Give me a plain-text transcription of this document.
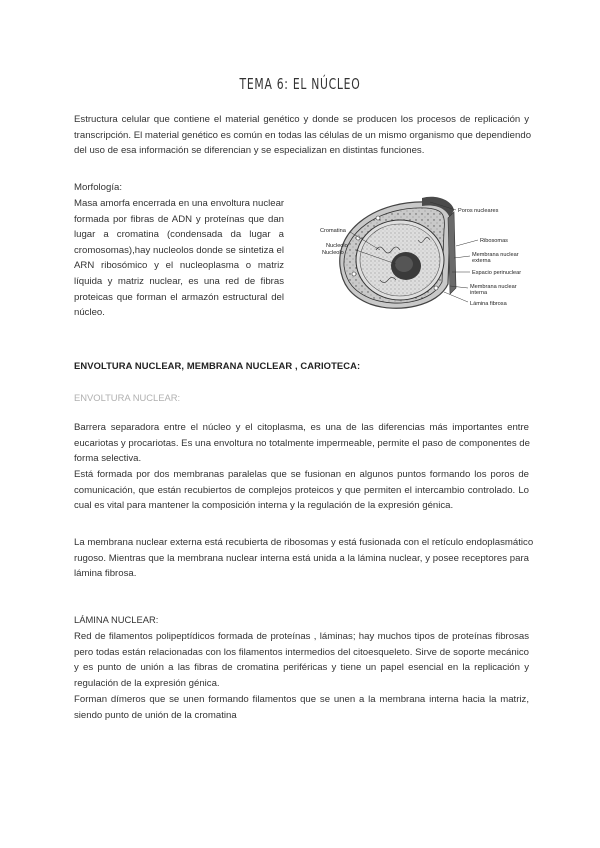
TEMA 6: EL NÚCLEO

Estructura celular que contiene el material genético y donde se producen los procesos de replicación y
transcripción. El material genético es común en todas las células de un mismo organismo que dependiendo
del uso de esa información se diferencian y se especializan en distintas funciones.

Morfología:

Masa amorfa encerrada en una envoltura nuclear
formada por fibras de ADN y proteínas que dan
lugar a cromatina (condensada da lugar a
cromosomas),hay nucleolos donde se sintetiza el
ARN ribosómico y el nucleoplasma o matriz
líquida y matriz nuclear, es una red de fibras
proteicas que forman el armazón estructural del
núcleo.

Poros nucleares
Cromatina
Nucleolo
Nucleolo
Ribosomas
Membrana nuclear
externa
Espacio perinuclear
Membrana nuclear
interna
Lámina fibrosa

ENVOLTURA NUCLEAR, MEMBRANA NUCLEAR , CARIOTECA:

ENVOLTURA NUCLEAR:

Barrera separadora entre el núcleo y el citoplasma, es una de las diferencias más importantes entre
eucariotas y procariotas. Es una envoltura no totalmente impermeable, permite el paso de componentes de
forma selectiva.

Está formada por dos membranas paralelas que se fusionan en algunos puntos formando los poros de
comunicación, que están recubiertos de complejos proteicos y que permiten el intercambio controlado. Lo
cual es vital para mantener la composición interna y la regulación de la expresión génica.

La membrana nuclear externa está recubierta de ribosomas y está fusionada con el retículo endoplasmático
rugoso. Mientras que la membrana nuclear interna está unida a la lámina nuclear, y posee receptores para
lámina fibrosa.

LÁMINA NUCLEAR:

Red de filamentos polipeptídicos formada de proteínas , láminas; hay muchos tipos de proteínas fibrosas
pero todas están relacionadas con los filamentos intermedios del citoesqueleto. Sirve de soporte mecánico
y es punto de unión a las fibras de cromatina periféricas y tiene un papel esencial en la replicación y
regulación de la expresión génica.

Forman dímeros que se unen formando filamentos que se unen a la membrana interna hacia la matriz,
siendo punto de unión de la cromatina
